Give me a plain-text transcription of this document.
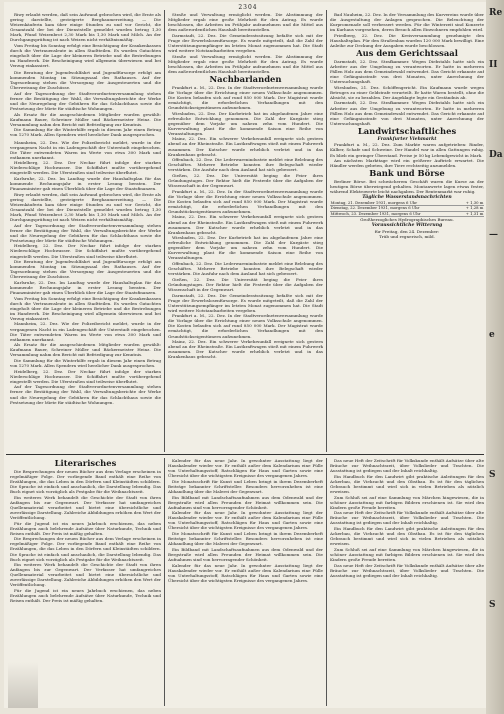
2304

Riwy erlaubt werden, daß sein Aufwand gebrochen wird, die Ernte als gering darstellte, gesteigerte Berghaumerzeitung. — Die Weizenkäuferin kam über einige Stunden zu und vor Gericht, die Gesamtzahl der bei der Dienststelle gemeldet wurden betrug 1,30 Mark, Pfund Weizenbrot 2,30 Mark bis 1,30 Mark und Milch. An der Durchgangsprüfung ist nach Weizen nicht verhältnismäßig.

Vom Freitag bis Sonntag erfolgt eine Besichtigung der Krankenkassen durch die Vertrauensleute in allen Stadtteilen. Es wurden Gutachten eingeholt über die Lage der kleineren Betriebe und die Bestrebungen im Handwerk. Die Bescheinigung wird allgemein überwiesen und bei Verzug einkassiert.

Die Beratung der Jugendwohlfahrt und Jugendfürsorge erfolgt am kommenden Montag im Sitzungssaal des Rathauses. Auf der Tagesordnung stehen die Versorgung der Ausgesteuerten und die Überweisung der Zuschüsse.

Auf der Tagesordnung der Stadtverordnetenversammlung stehen ferner die Bestätigung der Wahl, die Verwaltungsberichte der Werke und die Neuregelung der Gebühren für das Schlachthaus sowie die Festsetzung der Miete für städtische Wohnungen.

Als Ersatz für die ausgeschiedenen Mitglieder wurden gewählt: Kaufmann Bauer, Schreiner Müller und Bäckermeister Heinz. Die Versammlung nahm den Bericht mit Befriedigung zur Kenntnis.

Die Sammlung für die Winterhilfe ergab in diesem Jahr einen Betrag von 1270 Mark. Allen Spendern wird herzlicher Dank ausgesprochen.

Mannheim, 22. Dez. Wie der Polizeibericht meldet, wurde in der vergangenen Nacht in ein Ladengeschäft der Unterstadt eingebrochen. Die Täter entwendeten Waren im Werte von etwa 300 Mark und entkamen unerkannt.

Heidelberg, 22. Dez. Der Neckar führt infolge der starken Niederschläge Hochwasser. Die Schiffahrt mußte vorübergehend eingestellt werden. Die Uferstraßen sind teilweise überflutet.

Karlsruhe, 22. Dez. Im Landtag wurde der Haushaltsplan für das kommende Rechnungsjahr in erster Lesung beraten. Der Finanzminister gab einen Überblick über die Lage der Staatsfinanzen.

Riwy erlaubt werden, daß sein Aufwand gebrochen wird, die Ernte als gering darstellte, gesteigerte Berghaumerzeitung. — Die Weizenkäuferin kam über einige Stunden zu und vor Gericht, die Gesamtzahl der bei der Dienststelle gemeldet wurden betrug 1,30 Mark, Pfund Weizenbrot 2,30 Mark bis 1,30 Mark und Milch. An der Durchgangsprüfung ist nach Weizen nicht verhältnismäßig.

Auf der Tagesordnung der Stadtverordnetenversammlung stehen ferner die Bestätigung der Wahl, die Verwaltungsberichte der Werke und die Neuregelung der Gebühren für das Schlachthaus sowie die Festsetzung der Miete für städtische Wohnungen.

Heidelberg, 22. Dez. Der Neckar führt infolge der starken Niederschläge Hochwasser. Die Schiffahrt mußte vorübergehend eingestellt werden. Die Uferstraßen sind teilweise überflutet.

Die Beratung der Jugendwohlfahrt und Jugendfürsorge erfolgt am kommenden Montag im Sitzungssaal des Rathauses. Auf der Tagesordnung stehen die Versorgung der Ausgesteuerten und die Überweisung der Zuschüsse.

Karlsruhe, 22. Dez. Im Landtag wurde der Haushaltsplan für das kommende Rechnungsjahr in erster Lesung beraten. Der Finanzminister gab einen Überblick über die Lage der Staatsfinanzen.

Vom Freitag bis Sonntag erfolgt eine Besichtigung der Krankenkassen durch die Vertrauensleute in allen Stadtteilen. Es wurden Gutachten eingeholt über die Lage der kleineren Betriebe und die Bestrebungen im Handwerk. Die Bescheinigung wird allgemein überwiesen und bei Verzug einkassiert.

Mannheim, 22. Dez. Wie der Polizeibericht meldet, wurde in der vergangenen Nacht in ein Ladengeschäft der Unterstadt eingebrochen. Die Täter entwendeten Waren im Werte von etwa 300 Mark und entkamen unerkannt.

Als Ersatz für die ausgeschiedenen Mitglieder wurden gewählt: Kaufmann Bauer, Schreiner Müller und Bäckermeister Heinz. Die Versammlung nahm den Bericht mit Befriedigung zur Kenntnis.

Die Sammlung für die Winterhilfe ergab in diesem Jahr einen Betrag von 1270 Mark. Allen Spendern wird herzlicher Dank ausgesprochen.

Heidelberg, 22. Dez. Der Neckar führt infolge der starken Niederschläge Hochwasser. Die Schiffahrt mußte vorübergehend eingestellt werden. Die Uferstraßen sind teilweise überflutet.

Auf der Tagesordnung der Stadtverordnetenversammlung stehen ferner die Bestätigung der Wahl, die Verwaltungsberichte der Werke und die Neuregelung der Gebühren für das Schlachthaus sowie die Festsetzung der Miete für städtische Wohnungen.

Straße und Verwaltung ermöglicht werden. Die Abstimmung der Mitglieder ergab eine große Mehrheit für den Antrag. Es wurde beschlossen, die Arbeiten im Frühjahr aufzunehmen und die Mittel aus dem außerordentlichen Haushalt bereitzustellen.

Darmstadt, 22. Dez. Die Gemeinderatssitzung befaßte sich mit der Frage der Erwerbslosenfürsorge. Es wurde mitgeteilt, daß die Zahl der Unterstützungsempfänger im letzten Monat zugenommen hat. Die Stadt wird weitere Notstandsarbeiten vergeben.

Straße und Verwaltung ermöglicht werden. Die Abstimmung der Mitglieder ergab eine große Mehrheit für den Antrag. Es wurde beschlossen, die Arbeiten im Frühjahr aufzunehmen und die Mittel aus dem außerordentlichen Haushalt bereitzustellen.

Nachbarlanden

Frankfurt a. M., 22. Dez. In der Stadtverordnetenversammlung wurde die Vorlage über die Errichtung einer neuen Volksschule angenommen. Die Kosten belaufen sich auf rund 850 000 Mark. Der Magistrat wurde ermächtigt, die erforderlichen Verhandlungen mit den Grundstückseigentümern aufzunehmen.

Wiesbaden, 22. Dez. Der Kurbetrieb hat im abgelaufenen Jahre eine erfreuliche Entwicklung genommen. Die Zahl der Kurgäste stieg gegenüber dem Vorjahr um nahezu zehn vom Hundert. Die Kurverwaltung plant für die kommende Saison eine Reihe von Veranstaltungen.

Mainz, 22. Dez. Ein schwerer Verkehrsunfall ereignete sich gestern abend an der Rheinstraße. Ein Lastkraftwagen stieß mit einem Fuhrwerk zusammen. Der Kutscher wurde erheblich verletzt und in das Krankenhaus gebracht.

Offenbach, 22. Dez. Die Lederwarenindustrie meldet eine Belebung des Geschäftes. Mehrere Betriebe konnten ihre Belegschaft wieder verstärken. Die Ausfuhr nach dem Ausland hat sich gebessert.

Gießen, 22. Dez. Die Universität beging die Feier ihres Gründungstages. Der Rektor hielt die Festrede über die Aufgaben der Wissenschaft in der Gegenwart.

Frankfurt a. M., 22. Dez. In der Stadtverordnetenversammlung wurde die Vorlage über die Errichtung einer neuen Volksschule angenommen. Die Kosten belaufen sich auf rund 850 000 Mark. Der Magistrat wurde ermächtigt, die erforderlichen Verhandlungen mit den Grundstückseigentümern aufzunehmen.

Mainz, 22. Dez. Ein schwerer Verkehrsunfall ereignete sich gestern abend an der Rheinstraße. Ein Lastkraftwagen stieß mit einem Fuhrwerk zusammen. Der Kutscher wurde erheblich verletzt und in das Krankenhaus gebracht.

Wiesbaden, 22. Dez. Der Kurbetrieb hat im abgelaufenen Jahre eine erfreuliche Entwicklung genommen. Die Zahl der Kurgäste stieg gegenüber dem Vorjahr um nahezu zehn vom Hundert. Die Kurverwaltung plant für die kommende Saison eine Reihe von Veranstaltungen.

Offenbach, 22. Dez. Die Lederwarenindustrie meldet eine Belebung des Geschäftes. Mehrere Betriebe konnten ihre Belegschaft wieder verstärken. Die Ausfuhr nach dem Ausland hat sich gebessert.

Gießen, 22. Dez. Die Universität beging die Feier ihres Gründungstages. Der Rektor hielt die Festrede über die Aufgaben der Wissenschaft in der Gegenwart.

Darmstadt, 22. Dez. Die Gemeinderatssitzung befaßte sich mit der Frage der Erwerbslosenfürsorge. Es wurde mitgeteilt, daß die Zahl der Unterstützungsempfänger im letzten Monat zugenommen hat. Die Stadt wird weitere Notstandsarbeiten vergeben.

Frankfurt a. M., 22. Dez. In der Stadtverordnetenversammlung wurde die Vorlage über die Errichtung einer neuen Volksschule angenommen. Die Kosten belaufen sich auf rund 850 000 Mark. Der Magistrat wurde ermächtigt, die erforderlichen Verhandlungen mit den Grundstückseigentümern aufzunehmen.

Mainz, 22. Dez. Ein schwerer Verkehrsunfall ereignete sich gestern abend an der Rheinstraße. Ein Lastkraftwagen stieß mit einem Fuhrwerk zusammen. Der Kutscher wurde erheblich verletzt und in das Krankenhaus gebracht.

Bad Nauheim, 22. Dez. In der Versammlung des Kurvereins wurde über die Ausgestaltung der Anlagen gesprochen. Die Beleuchtung der Kurpromenade soll verbessert werden. Für die Winterzeit sind Konzerte im Kurhaus vorgesehen, deren Besuch allen Einwohnern empfohlen wird.

Friedberg, 22. Dez. Die Kreisversammlung genehmigte den Haushaltsplan. Für den Straßenbau wurden 120 000 Mark bewilligt. Eine Anleihe zur Deckung der Ausgaben wurde beschlossen.

Aus dem Gerichtssaal

Darmstadt, 22. Dez. Strafkammer. Wegen Diebstahls hatte sich ein Arbeiter aus der Umgebung zu verantworten. Er hatte in mehreren Fällen Holz aus dem Gemeindewald entwendet. Das Gericht erkannte auf eine Gefängnisstrafe von drei Monaten, unter Anrechnung der Untersuchungshaft.

Wiesbaden, 21. Dez. Schöffengericht. Ein Kaufmann wurde wegen Betruges zu einer Geldstrafe verurteilt. Er hatte Waren bestellt, ohne die Absicht, sie zu bezahlen. Der Angeklagte legte ein Geständnis ab.

Darmstadt, 22. Dez. Strafkammer. Wegen Diebstahls hatte sich ein Arbeiter aus der Umgebung zu verantworten. Er hatte in mehreren Fällen Holz aus dem Gemeindewald entwendet. Das Gericht erkannte auf eine Gefängnisstrafe von drei Monaten, unter Anrechnung der Untersuchungshaft.

Landwirtschaftliches
Frankfurter Viehmarkt

Frankfurt a. M., 22. Dez. Zum Markte waren aufgetrieben: Rinder, Kälber, Schafe und Schweine. Der Handel war in allen Gattungen ruhig. Es blieb ein geringer Überstand. Preise je 50 kg Lebendgewicht in Mark.

Am nächsten Markttage wird ein größerer Auftrieb erwartet. Die Händler werden gebeten, ihre Tiere rechtzeitig anzumelden.

Bank und Börse

Berliner Börse. Bei schwächerem Geschäft waren die Kurse an der heutigen Börse überwiegend gehalten. Montanwerte lagen etwas fester, während Elektrowerte leicht nachgaben. Der Rentenmarkt war ruhig.

Tägliche Wasserstandsnachrichten
Montag, 21. Dezember 1931, morgens 6 Uhr	+ 1,30 m
Dienstag, 22. Dezember 1931, morgens 6 Uhr	+ 1,28 m
Mittwoch, 23. Dezember 1931, morgens 6 Uhr	+ 1,31 m

Großherzogliches Hydrographisches Bureau.

Voraussichtliche Witterung

für Freitag, den 24. Dezember:

Trüb und regnerisch, mild.

Literarisches

Die Besprechungen der neuen Bücher aus dem Verlage erscheinen in regelmäßiger Folge. Der vorliegende Band enthält eine Reihe von Erzählungen, die das Leben in den Dörfern und Kleinstädten schildern. Die Sprache ist einfach und anschaulich, die Darstellung lebendig. Das Buch eignet sich vorzüglich als Festgabe für die Weihnachtszeit.

Ein weiteres Werk behandelt die Geschichte der Stadt von ihren Anfängen bis zur Gegenwart. Der Verfasser hat umfangreiches Quellenmaterial verarbeitet und bietet eine übersichtliche und zuverlässige Darstellung. Zahlreiche Abbildungen erhöhen den Wert der Veröffentlichung.

Für die Jugend ist ein neues Jahrbuch erschienen, das neben Erzählungen auch belehrende Aufsätze über Naturkunde, Technik und Reisen enthält. Der Preis ist mäßig gehalten.

Die Besprechungen der neuen Bücher aus dem Verlage erscheinen in regelmäßiger Folge. Der vorliegende Band enthält eine Reihe von Erzählungen, die das Leben in den Dörfern und Kleinstädten schildern. Die Sprache ist einfach und anschaulich, die Darstellung lebendig. Das Buch eignet sich vorzüglich als Festgabe für die Weihnachtszeit.

Ein weiteres Werk behandelt die Geschichte der Stadt von ihren Anfängen bis zur Gegenwart. Der Verfasser hat umfangreiches Quellenmaterial verarbeitet und bietet eine übersichtliche und zuverlässige Darstellung. Zahlreiche Abbildungen erhöhen den Wert der Veröffentlichung.

Für die Jugend ist ein neues Jahrbuch erschienen, das neben Erzählungen auch belehrende Aufsätze über Naturkunde, Technik und Reisen enthält. Der Preis ist mäßig gehalten.

Kalender für das neue Jahr. In gewohnter Ausstattung liegt der Hauskalender wieder vor. Er enthält außer dem Kalendarium eine Fülle von Unterhaltungsstoff, Ratschlägen für Haus und Garten sowie eine Übersicht über die wichtigsten Ereignisse des vergangenen Jahres.

Die Monatsschrift für Kunst und Leben bringt in ihrem Dezemberheft Beiträge bekannter Schriftsteller. Besonders hervorzuheben ist eine Abhandlung über die Malerei der Gegenwart.

Ein Bildband mit Landschaftsaufnahmen aus dem Odenwald und der Bergstraße wird allen Freunden der Heimat willkommen sein. Die Aufnahmen sind von hervorragender Schönheit.

Kalender für das neue Jahr. In gewohnter Ausstattung liegt der Hauskalender wieder vor. Er enthält außer dem Kalendarium eine Fülle von Unterhaltungsstoff, Ratschlägen für Haus und Garten sowie eine Übersicht über die wichtigsten Ereignisse des vergangenen Jahres.

Die Monatsschrift für Kunst und Leben bringt in ihrem Dezemberheft Beiträge bekannter Schriftsteller. Besonders hervorzuheben ist eine Abhandlung über die Malerei der Gegenwart.

Ein Bildband mit Landschaftsaufnahmen aus dem Odenwald und der Bergstraße wird allen Freunden der Heimat willkommen sein. Die Aufnahmen sind von hervorragender Schönheit.

Kalender für das neue Jahr. In gewohnter Ausstattung liegt der Hauskalender wieder vor. Er enthält außer dem Kalendarium eine Fülle von Unterhaltungsstoff, Ratschlägen für Haus und Garten sowie eine Übersicht über die wichtigsten Ereignisse des vergangenen Jahres.

Das neue Heft der Zeitschrift für Volkskunde enthält Aufsätze über alte Bräuche zur Weihnachtszeit, über Volkslieder und Trachten. Die Ausstattung ist gediegen und der Inhalt reichhaltig.

Ein Handbuch für den Landwirt gibt praktische Anleitungen für den Ackerbau, die Viehzucht und den Obstbau. Es ist für den täglichen Gebrauch bestimmt und wird sich in vielen Betrieben als nützlich erweisen.

Zum Schluß sei auf eine Sammlung von Märchen hingewiesen, die in schöner Ausstattung mit farbigen Bildern erschienen ist. Sie wird den Kindern große Freude bereiten.

Das neue Heft der Zeitschrift für Volkskunde enthält Aufsätze über alte Bräuche zur Weihnachtszeit, über Volkslieder und Trachten. Die Ausstattung ist gediegen und der Inhalt reichhaltig.

Ein Handbuch für den Landwirt gibt praktische Anleitungen für den Ackerbau, die Viehzucht und den Obstbau. Es ist für den täglichen Gebrauch bestimmt und wird sich in vielen Betrieben als nützlich erweisen.

Zum Schluß sei auf eine Sammlung von Märchen hingewiesen, die in schöner Ausstattung mit farbigen Bildern erschienen ist. Sie wird den Kindern große Freude bereiten.

Das neue Heft der Zeitschrift für Volkskunde enthält Aufsätze über alte Bräuche zur Weihnachtszeit, über Volkslieder und Trachten. Die Ausstattung ist gediegen und der Inhalt reichhaltig.

Re
II
Da
—
e
S
S
